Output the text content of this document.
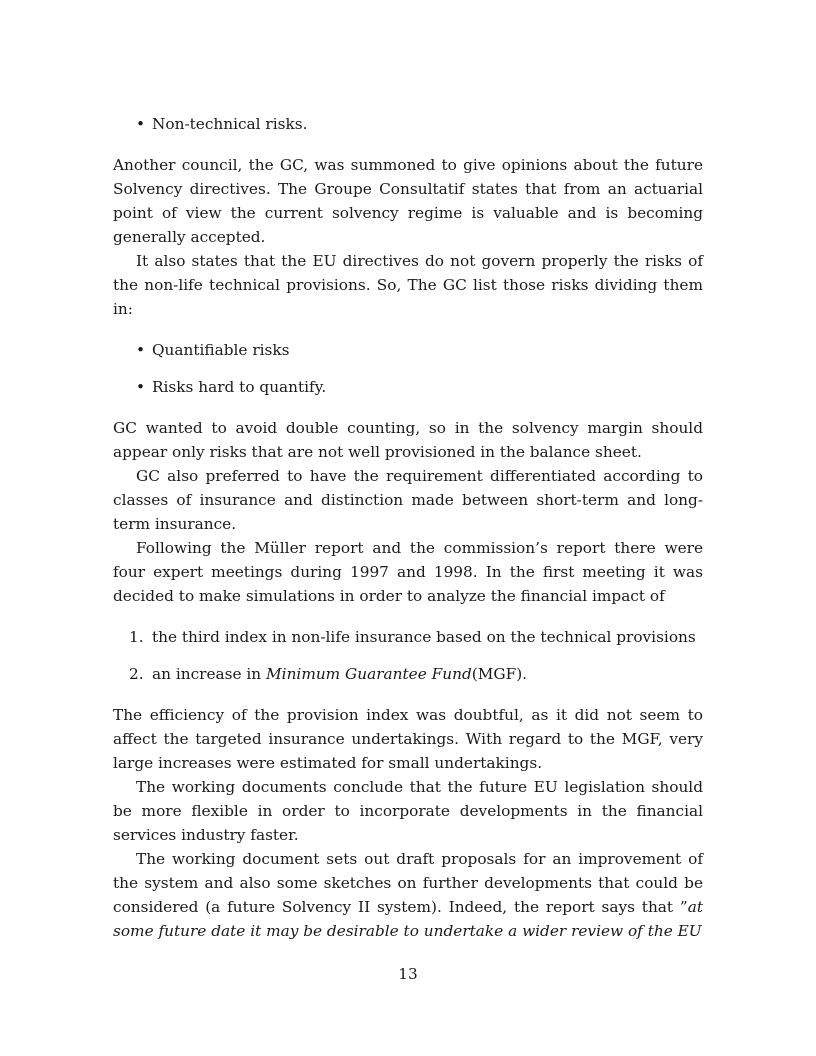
• Non-technical risks.

Another council, the GC, was summoned to give opinions about the future Solvency directives. The Groupe Consultatif states that from an actuarial point of view the current solvency regime is valuable and is becoming generally accepted.

It also states that the EU directives do not govern properly the risks of the non-life technical provisions. So, The GC list those risks dividing them in:

• Quantifiable risks
• Risks hard to quantify.

GC wanted to avoid double counting, so in the solvency margin should appear only risks that are not well provisioned in the balance sheet.

GC also preferred to have the requirement differentiated according to classes of insurance and distinction made between short-term and long-term insurance.

Following the Müller report and the commission’s report there were four expert meetings during 1997 and 1998. In the first meeting it was decided to make simulations in order to analyze the financial impact of

1. the third index in non-life insurance based on the technical provisions
2. an increase in Minimum Guarantee Fund(MGF).

The efficiency of the provision index was doubtful, as it did not seem to affect the targeted insurance undertakings. With regard to the MGF, very large increases were estimated for small undertakings.

The working documents conclude that the future EU legislation should be more flexible in order to incorporate developments in the financial services industry faster.

The working document sets out draft proposals for an improvement of the system and also some sketches on further developments that could be considered (a future Solvency II system). Indeed, the report says that ”at some future date it may be desirable to undertake a wider review of the EU

13
